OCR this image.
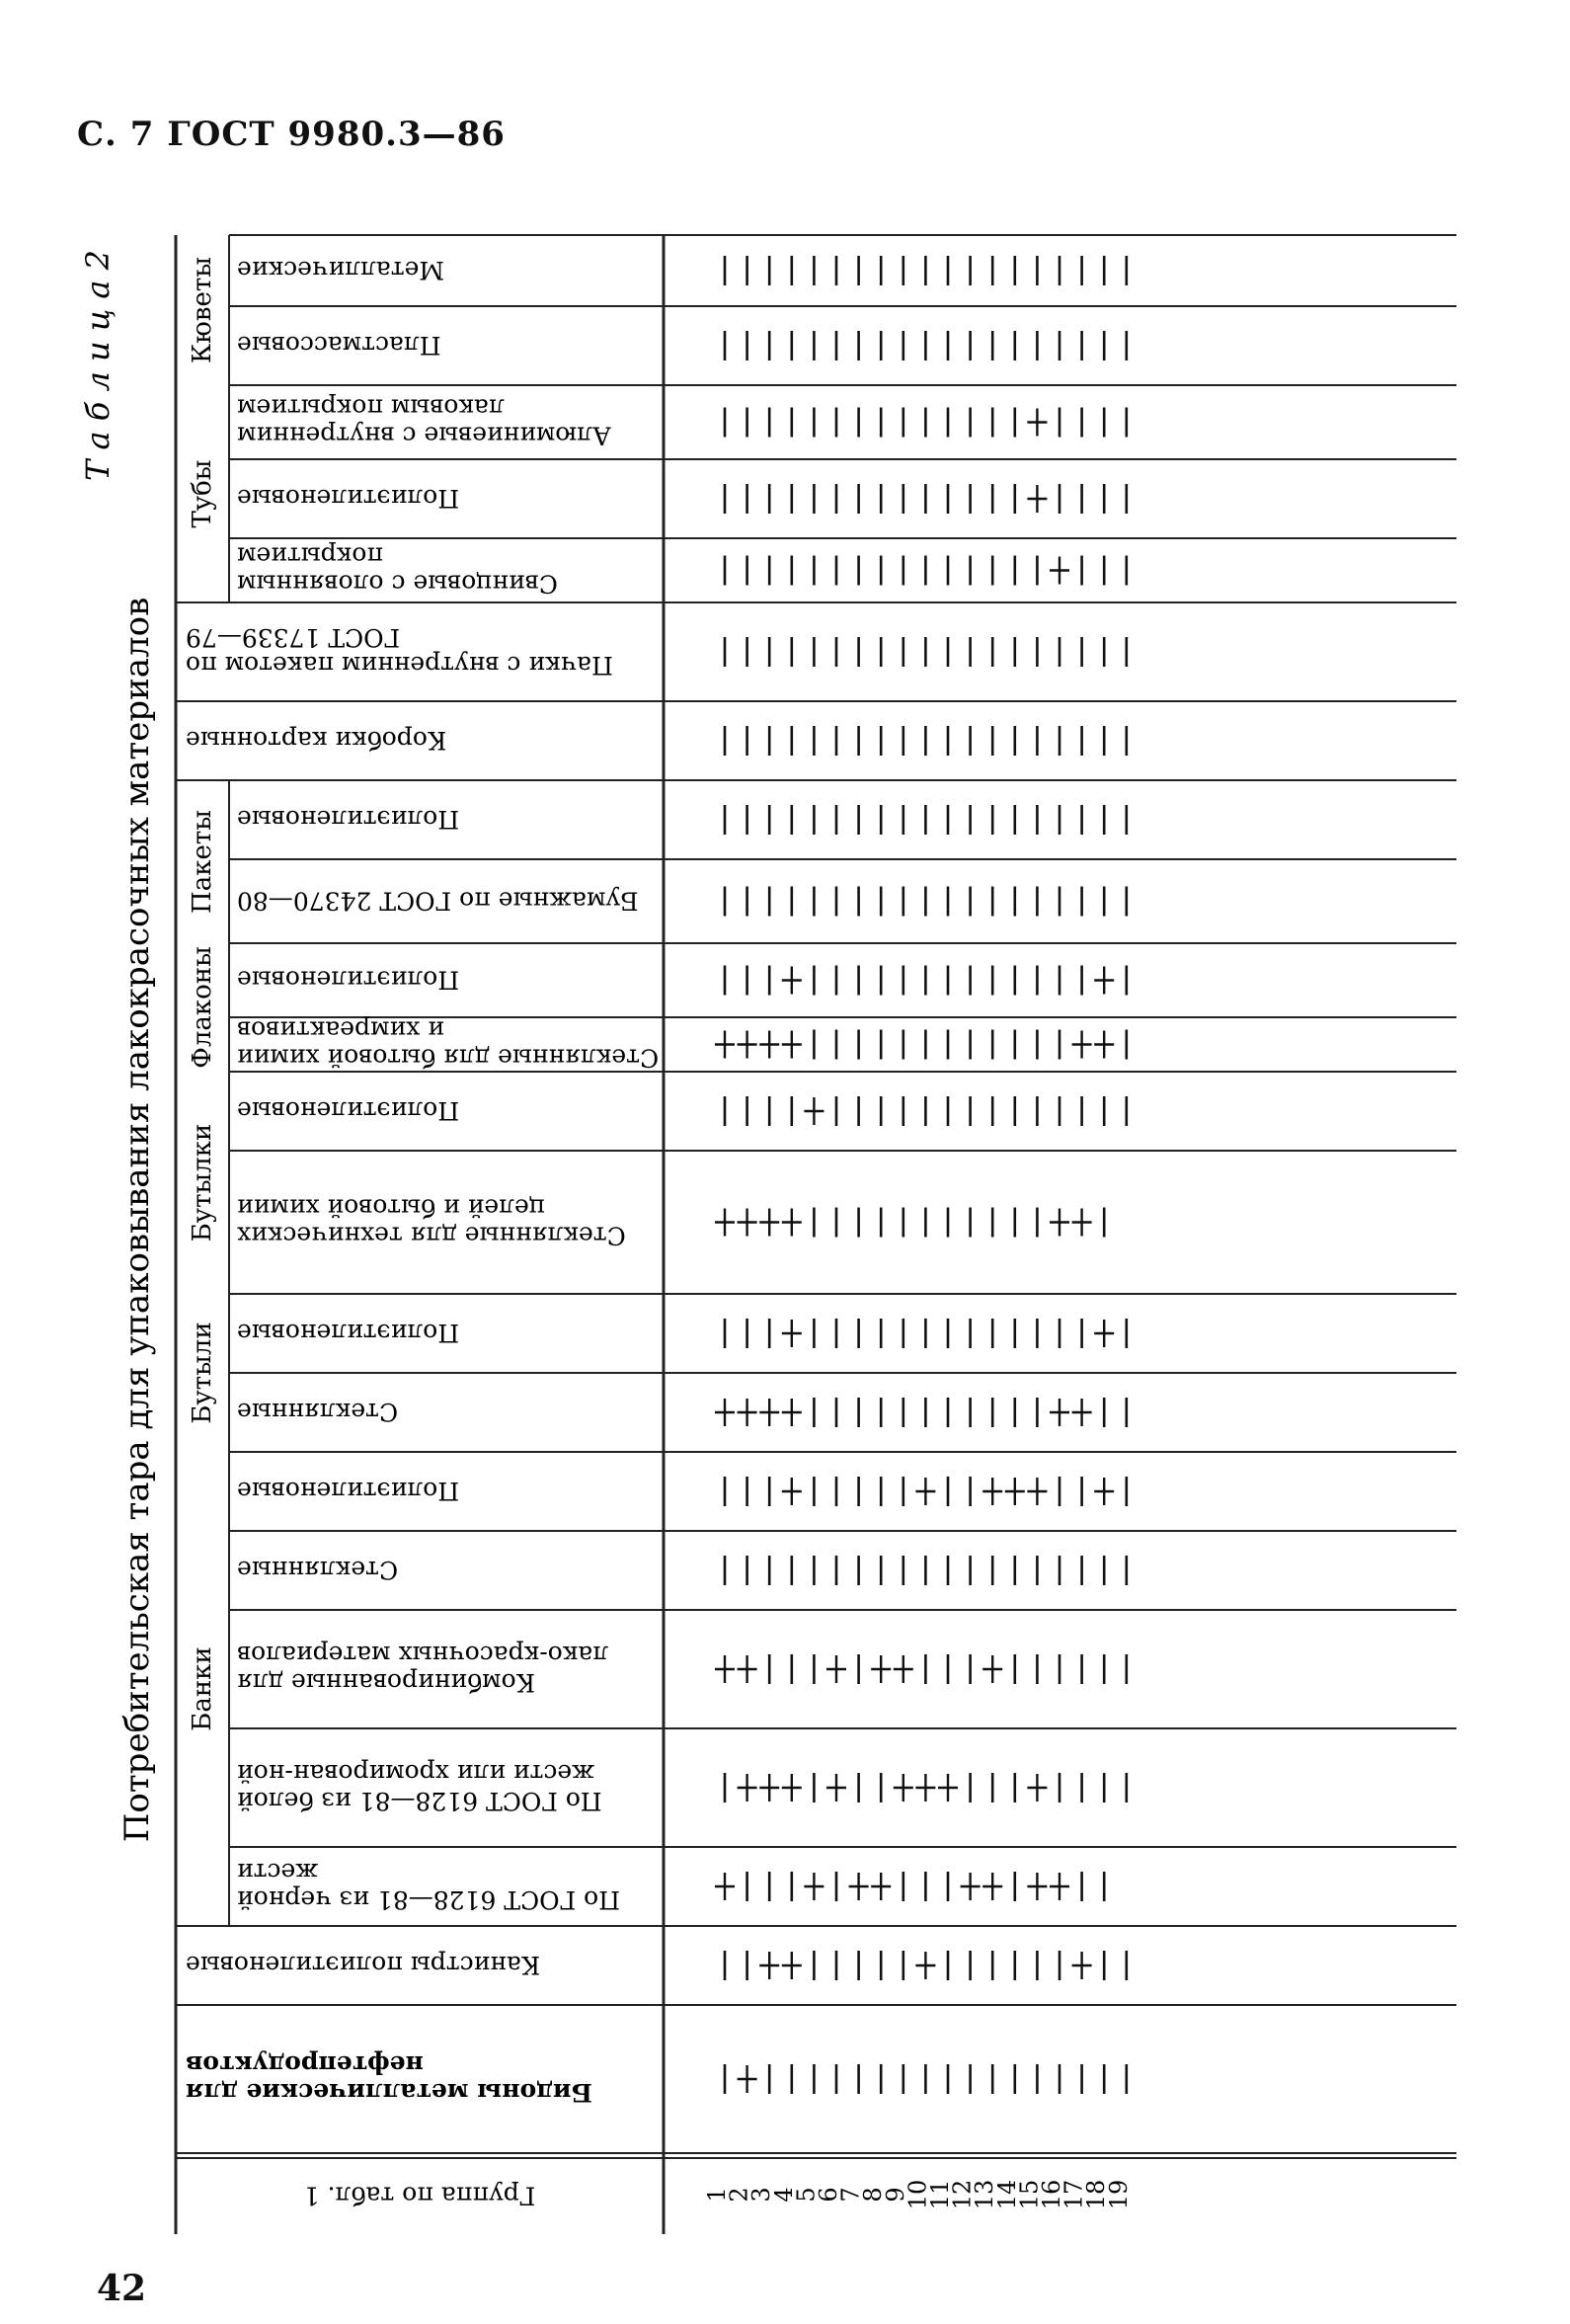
С. 7 ГОСТ 9980.3—86
Банки
Бутыли
Бутылки
Флаконы
Пакеты
Тубы
Кюветы
Бидоны металлические для
нефтепродуктов
Канистры полиэтиленовые
По ГОСТ 6128—81 из черной
жести
По ГОСТ 6128—81 из белой
жести или хромирован-ной
Комбинированные для
лако-красочных материалов
Стеклянные
Полиэтиленовые
Стеклянные
Полиэтиленовые
Стеклянные для технических
целей и бытовой химии
Полиэтиленовые
Стеклянные для бытовой химии
и химреактивов
Полиэтиленовые
Бумажные по ГОСТ 24370—80
Полиэтиленовые
Коробки картонные
Пачки с внутренним пакетом по
ГОСТ 17339—79
Свинцовые с оловянным
покрытием
Полиэтиленовые
Алюминиевые с внутренним
лаковым покрытием
Пластмассовые
Металлические
Группа по табл. 1	1
2
3
4
5
6
7
8
9
10
11
12
13
14
15
16
17
18
19
Т а б л и ц а 2
Потребительская тара для упаковывания лакокрасочных материалов
42
